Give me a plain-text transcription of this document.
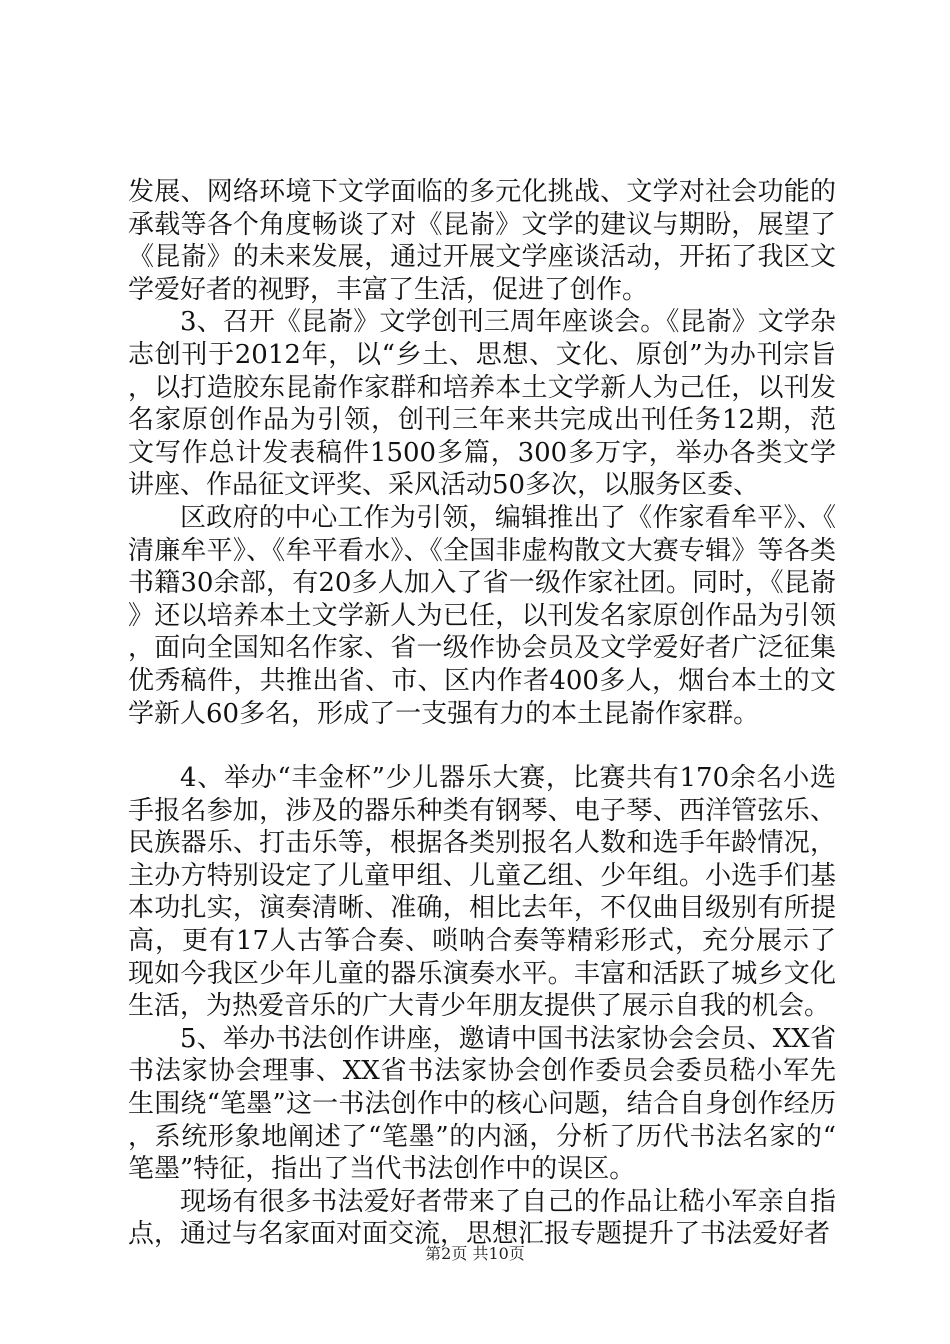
发展、网络环境下文学面临的多元化挑战、文学对社会功能的承载等各个角度畅谈了对《昆嵛》文学的建议与期盼，展望了《昆嵛》的未来发展，通过开展文学座谈活动，开拓了我区文学爱好者的视野，丰富了生活，促进了创作。

3、召开《昆嵛》文学创刊三周年座谈会。《昆嵛》文学杂志创刊于2012年，以“乡土、思想、文化、原创”为办刊宗旨，以打造胶东昆嵛作家群和培养本土文学新人为己任，以刊发名家原创作品为引领，创刊三年来共完成出刊任务12期，范文写作总计发表稿件1500多篇，300多万字，举办各类文学讲座、作品征文评奖、采风活动50多次，以服务区委、

区政府的中心工作为引领，编辑推出了《作家看牟平》、《清廉牟平》、《牟平看水》、《全国非虚构散文大赛专辑》等各类书籍30余部，有20多人加入了省一级作家社团。同时，《昆嵛》还以培养本土文学新人为已任，以刊发名家原创作品为引领，面向全国知名作家、省一级作协会员及文学爱好者广泛征集优秀稿件，共推出省、市、区内作者400多人，烟台本土的文学新人60多名，形成了一支强有力的本土昆嵛作家群。

4、举办“丰金杯”少儿器乐大赛，比赛共有170余名小选手报名参加，涉及的器乐种类有钢琴、电子琴、西洋管弦乐、民族器乐、打击乐等，根据各类别报名人数和选手年龄情况，主办方特别设定了儿童甲组、儿童乙组、少年组。小选手们基本功扎实，演奏清晰、准确，相比去年，不仅曲目级别有所提高，更有17人古筝合奏、唢呐合奏等精彩形式，充分展示了现如今我区少年儿童的器乐演奏水平。丰富和活跃了城乡文化生活，为热爱音乐的广大青少年朋友提供了展示自我的机会。

5、举办书法创作讲座，邀请中国书法家协会会员、XX省书法家协会理事、XX省书法家协会创作委员会委员嵇小军先生围绕“笔墨”这一书法创作中的核心问题，结合自身创作经历，系统形象地阐述了“笔墨”的内涵，分析了历代书法名家的“笔墨”特征，指出了当代书法创作中的误区。

现场有很多书法爱好者带来了自己的作品让嵇小军亲自指点，通过与名家面对面交流，思想汇报专题提升了书法爱好者

第2页 共10页
